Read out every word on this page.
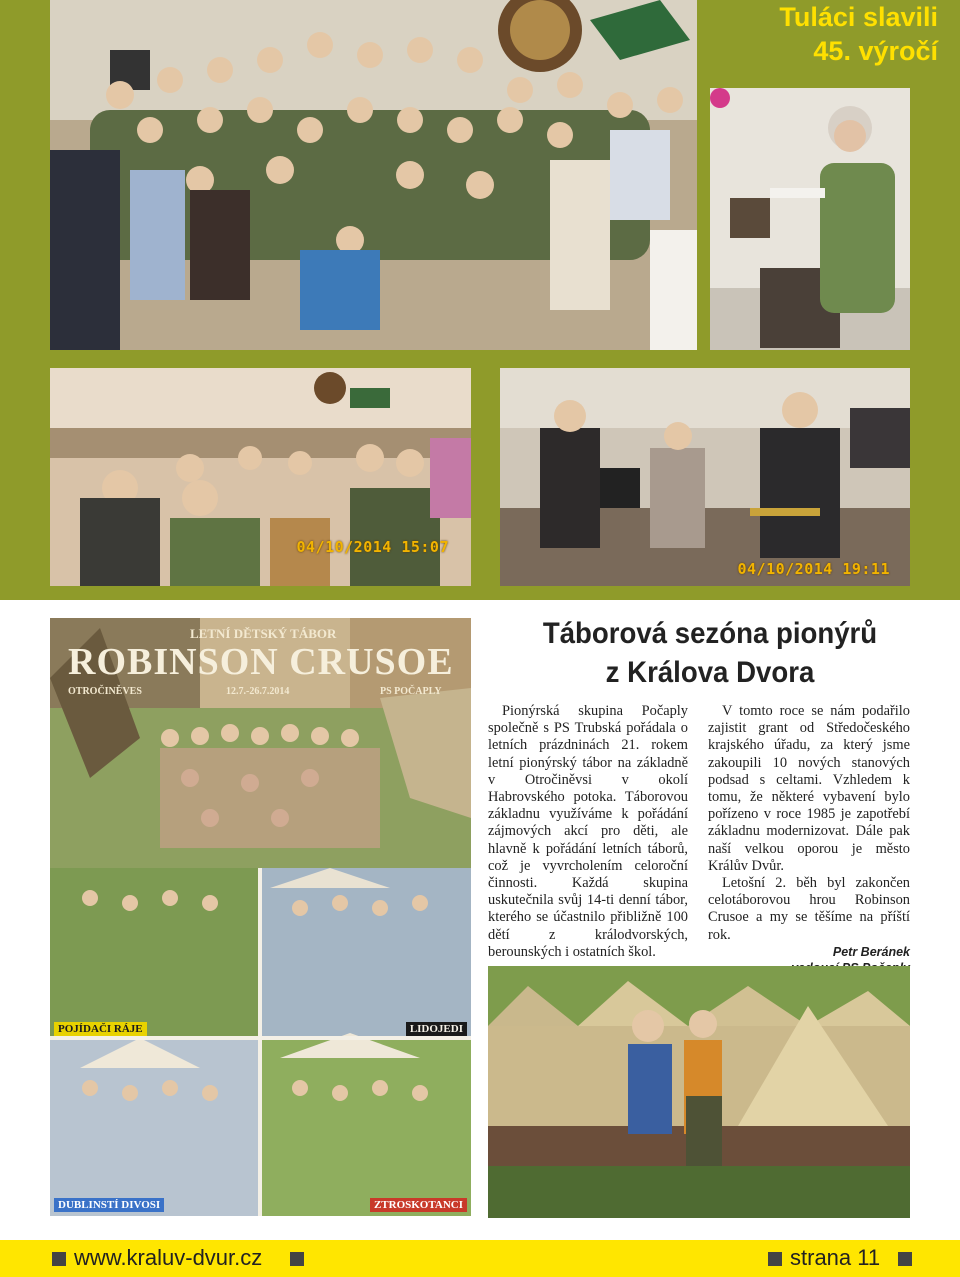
04/10/2014 15:07
04/10/2014 19:11
Tuláci slavili
45. výročí
LETNÍ DĚTSKÝ TÁBOR
ROBINSON CRUSOE
OTROČINĚVES	12.7.-26.7.2014	PS POČAPLY
POJÍDAČI RÁJE	LIDOJEDI
DUBLINSTÍ DIVOSI	ZTROSKOTANCI
Táborová sezóna pionýrů
z Králova Dvora

Pionýrská skupina Počaply společně s PS Trubská pořádala o letních prázdninách 21. rokem letní pionýrský tábor na základně v Otročiněvsi v okolí Habrovského potoka. Táborovou základnu využíváme k pořádání zájmových akcí pro děti, ale hlavně k pořádání letních táborů, což je vyvrcholením celoroční činnosti. Každá skupina uskutečnila svůj 14-ti denní tábor, kterého se účastnilo přibližně 100 dětí z králodvorských, berounských i ostatních škol.

V tomto roce se nám podařilo zajistit grant od Středočeského krajského úřadu, za který jsme zakoupili 10 nových stanových podsad s celtami. Vzhledem k tomu, že některé vybavení bylo pořízeno v roce 1985 je zapotřebí základnu modernizovat. Dále pak naší velkou oporou je město Králův Dvůr.

Letošní 2. běh byl zakončen celotáborovou hrou Robinson Crusoe a my se těšíme na příští rok.

Petr Beránek
www.kraluv-dvur.cz	strana 11
